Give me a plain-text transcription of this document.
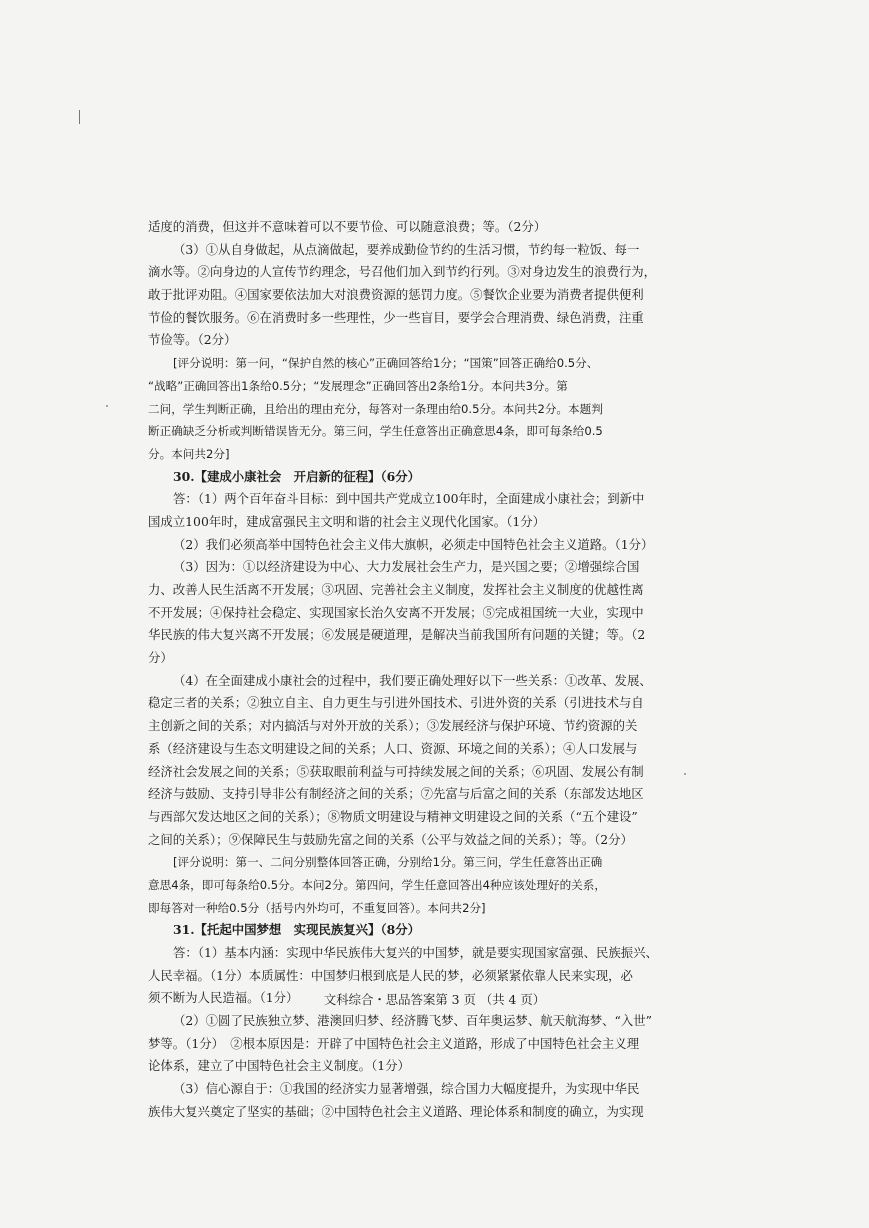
适度的消费，但这并不意味着可以不要节俭、可以随意浪费；等。（2分）
（3）①从自身做起，从点滴做起，要养成勤俭节约的生活习惯，节约每一粒饭、每一
滴水等。②向身边的人宣传节约理念，号召他们加入到节约行列。③对身边发生的浪费行为，
敢于批评劝阻。④国家要依法加大对浪费资源的惩罚力度。⑤餐饮企业要为消费者提供便利
节俭的餐饮服务。⑥在消费时多一些理性，少一些盲目，要学会合理消费、绿色消费，注重
节俭等。（2分）
[评分说明：第一问，“保护自然的核心”正确回答给1分；“国策”回答正确给0.5分、
“战略”正确回答出1条给0.5分；“发展理念”正确回答出2条给1分。本问共3分。第
二问，学生判断正确，且给出的理由充分，每答对一条理由给0.5分。本问共2分。本题判
断正确缺乏分析或判断错误皆无分。第三问，学生任意答出正确意思4条，即可每条给0.5
分。本问共2分]
30.【建成小康社会　开启新的征程】（6分）
答：（1）两个百年奋斗目标：到中国共产党成立100年时，全面建成小康社会；到新中
国成立100年时，建成富强民主文明和谐的社会主义现代化国家。（1分）
（2）我们必须高举中国特色社会主义伟大旗帜，必须走中国特色社会主义道路。（1分）
（3）因为：①以经济建设为中心、大力发展社会生产力，是兴国之要；②增强综合国
力、改善人民生活离不开发展；③巩固、完善社会主义制度，发挥社会主义制度的优越性离
不开发展；④保持社会稳定、实现国家长治久安离不开发展；⑤完成祖国统一大业，实现中
华民族的伟大复兴离不开发展；⑥发展是硬道理，是解决当前我国所有问题的关键；等。（2
分）
（4）在全面建成小康社会的过程中，我们要正确处理好以下一些关系：①改革、发展、
稳定三者的关系；②独立自主、自力更生与引进外国技术、引进外资的关系（引进技术与自
主创新之间的关系；对内搞活与对外开放的关系）；③发展经济与保护环境、节约资源的关
系（经济建设与生态文明建设之间的关系；人口、资源、环境之间的关系）；④人口发展与
经济社会发展之间的关系；⑤获取眼前利益与可持续发展之间的关系；⑥巩固、发展公有制
经济与鼓励、支持引导非公有制经济之间的关系；⑦先富与后富之间的关系（东部发达地区
与西部欠发达地区之间的关系）；⑧物质文明建设与精神文明建设之间的关系（“五个建设”
之间的关系）；⑨保障民生与鼓励先富之间的关系（公平与效益之间的关系）；等。（2分）
[评分说明：第一、二问分别整体回答正确，分别给1分。第三问，学生任意答出正确
意思4条，即可每条给0.5分。本问2分。第四问，学生任意回答出4种应该处理好的关系，
即每答对一种给0.5分（括号内外均可，不重复回答）。本问共2分]
31.【托起中国梦想　实现民族复兴】（8分）
答：（1）基本内涵：实现中华民族伟大复兴的中国梦，就是要实现国家富强、民族振兴、
人民幸福。（1分）本质属性：中国梦归根到底是人民的梦，必须紧紧依靠人民来实现，必
须不断为人民造福。（1分）
（2）①圆了民族独立梦、港澳回归梦、经济腾飞梦、百年奥运梦、航天航海梦、“入世”
梦等。（1分）　②根本原因是：开辟了中国特色社会主义道路，形成了中国特色社会主义理
论体系，建立了中国特色社会主义制度。（1分）
（3）信心源自于：①我国的经济实力显著增强，综合国力大幅度提升，为实现中华民
族伟大复兴奠定了坚实的基础；②中国特色社会主义道路、理论体系和制度的确立，为实现
文科综合・思品答案第 3 页 （共 4 页）
